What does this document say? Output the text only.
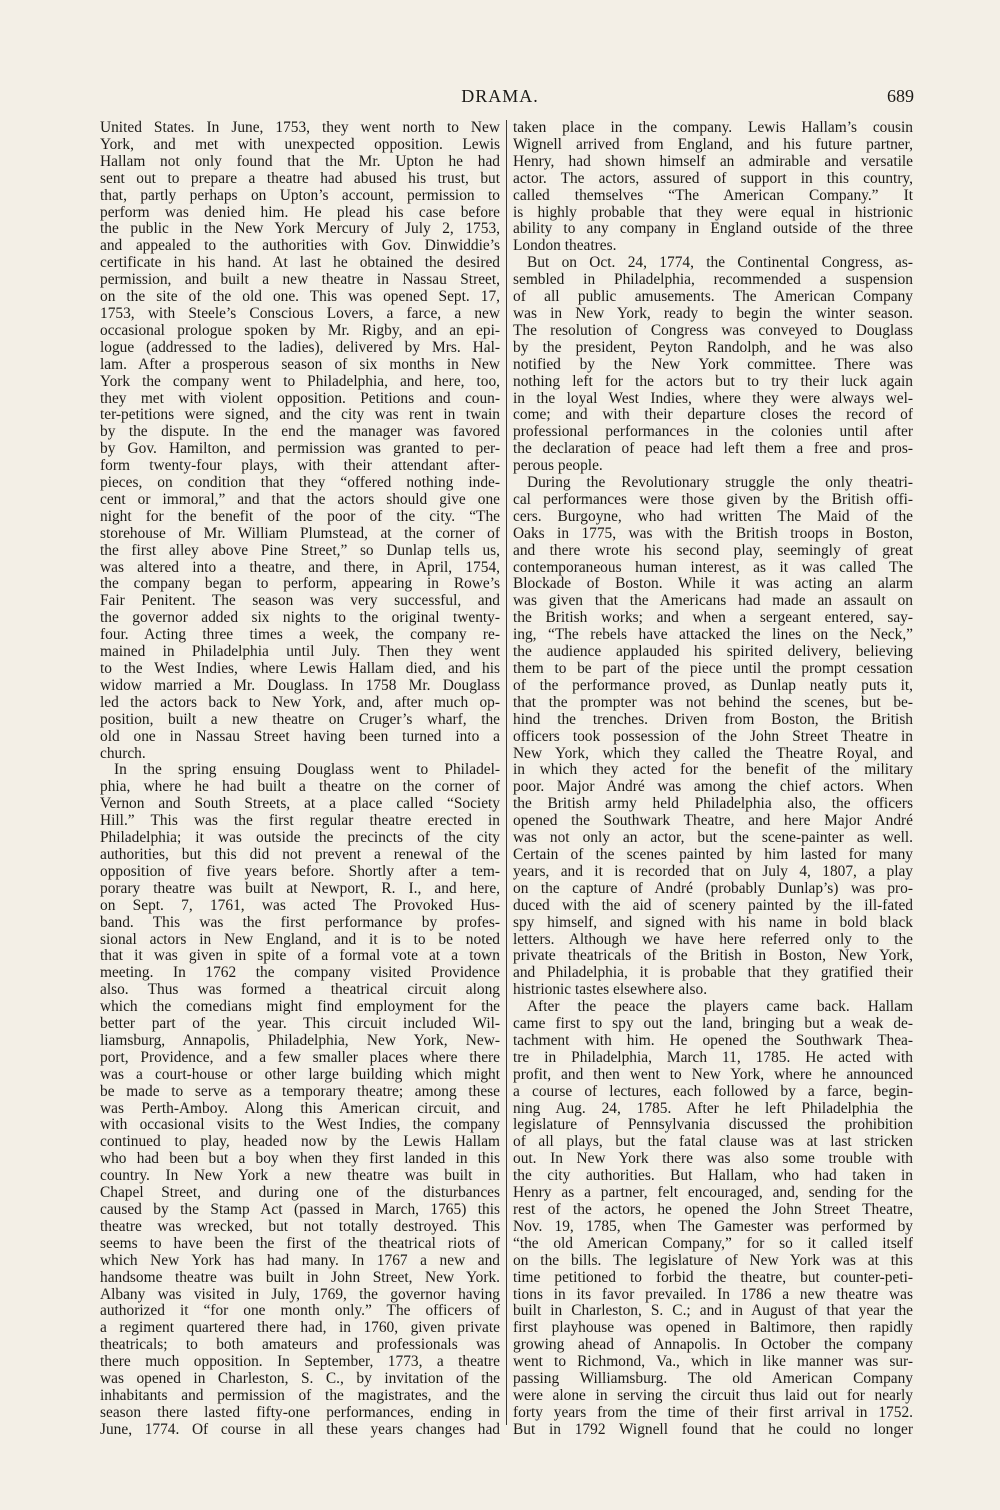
DRAMA.	689
United States. In June, 1753, they went north to New
York, and met with unexpected opposition. Lewis
Hallam not only found that the Mr. Upton he had
sent out to prepare a theatre had abused his trust, but
that, partly perhaps on Upton’s account, permission to
perform was denied him. He plead his case before
the public in the New York Mercury of July 2, 1753,
and appealed to the authorities with Gov. Dinwiddie’s
certificate in his hand. At last he obtained the desired
permission, and built a new theatre in Nassau Street,
on the site of the old one. This was opened Sept. 17,
1753, with Steele’s Conscious Lovers, a farce, a new
occasional prologue spoken by Mr. Rigby, and an epi-
logue (addressed to the ladies), delivered by Mrs. Hal-
lam. After a prosperous season of six months in New
York the company went to Philadelphia, and here, too,
they met with violent opposition. Petitions and coun-
ter-petitions were signed, and the city was rent in twain
by the dispute. In the end the manager was favored
by Gov. Hamilton, and permission was granted to per-
form twenty-four plays, with their attendant after-
pieces, on condition that they “offered nothing inde-
cent or immoral,” and that the actors should give one
night for the benefit of the poor of the city. “The
storehouse of Mr. William Plumstead, at the corner of
the first alley above Pine Street,” so Dunlap tells us,
was altered into a theatre, and there, in April, 1754,
the company began to perform, appearing in Rowe’s
Fair Penitent. The season was very successful, and
the governor added six nights to the original twenty-
four. Acting three times a week, the company re-
mained in Philadelphia until July. Then they went
to the West Indies, where Lewis Hallam died, and his
widow married a Mr. Douglass. In 1758 Mr. Douglass
led the actors back to New York, and, after much op-
position, built a new theatre on Cruger’s wharf, the
old one in Nassau Street having been turned into a
church.
In the spring ensuing Douglass went to Philadel-
phia, where he had built a theatre on the corner of
Vernon and South Streets, at a place called “Society
Hill.” This was the first regular theatre erected in
Philadelphia; it was outside the precincts of the city
authorities, but this did not prevent a renewal of the
opposition of five years before. Shortly after a tem-
porary theatre was built at Newport, R. I., and here,
on Sept. 7, 1761, was acted The Provoked Hus-
band. This was the first performance by profes-
sional actors in New England, and it is to be noted
that it was given in spite of a formal vote at a town
meeting. In 1762 the company visited Providence
also. Thus was formed a theatrical circuit along
which the comedians might find employment for the
better part of the year. This circuit included Wil-
liamsburg, Annapolis, Philadelphia, New York, New-
port, Providence, and a few smaller places where there
was a court-house or other large building which might
be made to serve as a temporary theatre; among these
was Perth-Amboy. Along this American circuit, and
with occasional visits to the West Indies, the company
continued to play, headed now by the Lewis Hallam
who had been but a boy when they first landed in this
country. In New York a new theatre was built in
Chapel Street, and during one of the disturbances
caused by the Stamp Act (passed in March, 1765) this
theatre was wrecked, but not totally destroyed. This
seems to have been the first of the theatrical riots of
which New York has had many. In 1767 a new and
handsome theatre was built in John Street, New York.
Albany was visited in July, 1769, the governor having
authorized it “for one month only.” The officers of
a regiment quartered there had, in 1760, given private
theatricals; to both amateurs and professionals was
there much opposition. In September, 1773, a theatre
was opened in Charleston, S. C., by invitation of the
inhabitants and permission of the magistrates, and the
season there lasted fifty-one performances, ending in
June, 1774. Of course in all these years changes had
taken place in the company. Lewis Hallam’s cousin
Wignell arrived from England, and his future partner,
Henry, had shown himself an admirable and versatile
actor. The actors, assured of support in this country,
called themselves “The American Company.” It
is highly probable that they were equal in histrionic
ability to any company in England outside of the three
London theatres.
But on Oct. 24, 1774, the Continental Congress, as-
sembled in Philadelphia, recommended a suspension
of all public amusements. The American Company
was in New York, ready to begin the winter season.
The resolution of Congress was conveyed to Douglass
by the president, Peyton Randolph, and he was also
notified by the New York committee. There was
nothing left for the actors but to try their luck again
in the loyal West Indies, where they were always wel-
come; and with their departure closes the record of
professional performances in the colonies until after
the declaration of peace had left them a free and pros-
perous people.
During the Revolutionary struggle the only theatri-
cal performances were those given by the British offi-
cers. Burgoyne, who had written The Maid of the
Oaks in 1775, was with the British troops in Boston,
and there wrote his second play, seemingly of great
contemporaneous human interest, as it was called The
Blockade of Boston. While it was acting an alarm
was given that the Americans had made an assault on
the British works; and when a sergeant entered, say-
ing, “The rebels have attacked the lines on the Neck,”
the audience applauded his spirited delivery, believing
them to be part of the piece until the prompt cessation
of the performance proved, as Dunlap neatly puts it,
that the prompter was not behind the scenes, but be-
hind the trenches. Driven from Boston, the British
officers took possession of the John Street Theatre in
New York, which they called the Theatre Royal, and
in which they acted for the benefit of the military
poor. Major André was among the chief actors. When
the British army held Philadelphia also, the officers
opened the Southwark Theatre, and here Major André
was not only an actor, but the scene-painter as well.
Certain of the scenes painted by him lasted for many
years, and it is recorded that on July 4, 1807, a play
on the capture of André (probably Dunlap’s) was pro-
duced with the aid of scenery painted by the ill-fated
spy himself, and signed with his name in bold black
letters. Although we have here referred only to the
private theatricals of the British in Boston, New York,
and Philadelphia, it is probable that they gratified their
histrionic tastes elsewhere also.
After the peace the players came back. Hallam
came first to spy out the land, bringing but a weak de-
tachment with him. He opened the Southwark Thea-
tre in Philadelphia, March 11, 1785. He acted with
profit, and then went to New York, where he announced
a course of lectures, each followed by a farce, begin-
ning Aug. 24, 1785. After he left Philadelphia the
legislature of Pennsylvania discussed the prohibition
of all plays, but the fatal clause was at last stricken
out. In New York there was also some trouble with
the city authorities. But Hallam, who had taken in
Henry as a partner, felt encouraged, and, sending for the
rest of the actors, he opened the John Street Theatre,
Nov. 19, 1785, when The Gamester was performed by
“the old American Company,” for so it called itself
on the bills. The legislature of New York was at this
time petitioned to forbid the theatre, but counter-peti-
tions in its favor prevailed. In 1786 a new theatre was
built in Charleston, S. C.; and in August of that year the
first playhouse was opened in Baltimore, then rapidly
growing ahead of Annapolis. In October the company
went to Richmond, Va., which in like manner was sur-
passing Williamsburg. The old American Company
were alone in serving the circuit thus laid out for nearly
forty years from the time of their first arrival in 1752.
But in 1792 Wignell found that he could no longer
